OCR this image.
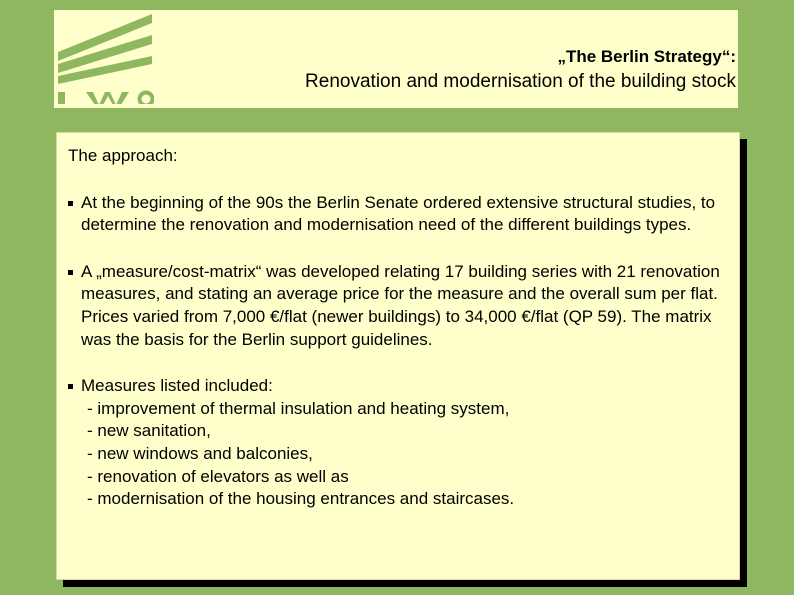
„The Berlin Strategy“:
Renovation and modernisation of the building stock

The approach:

At the beginning of the 90s the Berlin Senate ordered extensive structural studies, to determine the renovation and modernisation need of the different buildings types.
A „measure/cost-matrix“ was developed relating 17 building series with 21 renovation measures, and stating an average price for the measure and the overall sum per flat. Prices varied from 7,000 €/flat (newer buildings) to 34,000 €/flat (QP 59). The matrix was the basis for the Berlin support guidelines.
Measures listed included:
- improvement of thermal insulation and heating system,
- new sanitation,
- new windows and balconies,
- renovation of elevators as well as
- modernisation of the housing entrances and staircases.
